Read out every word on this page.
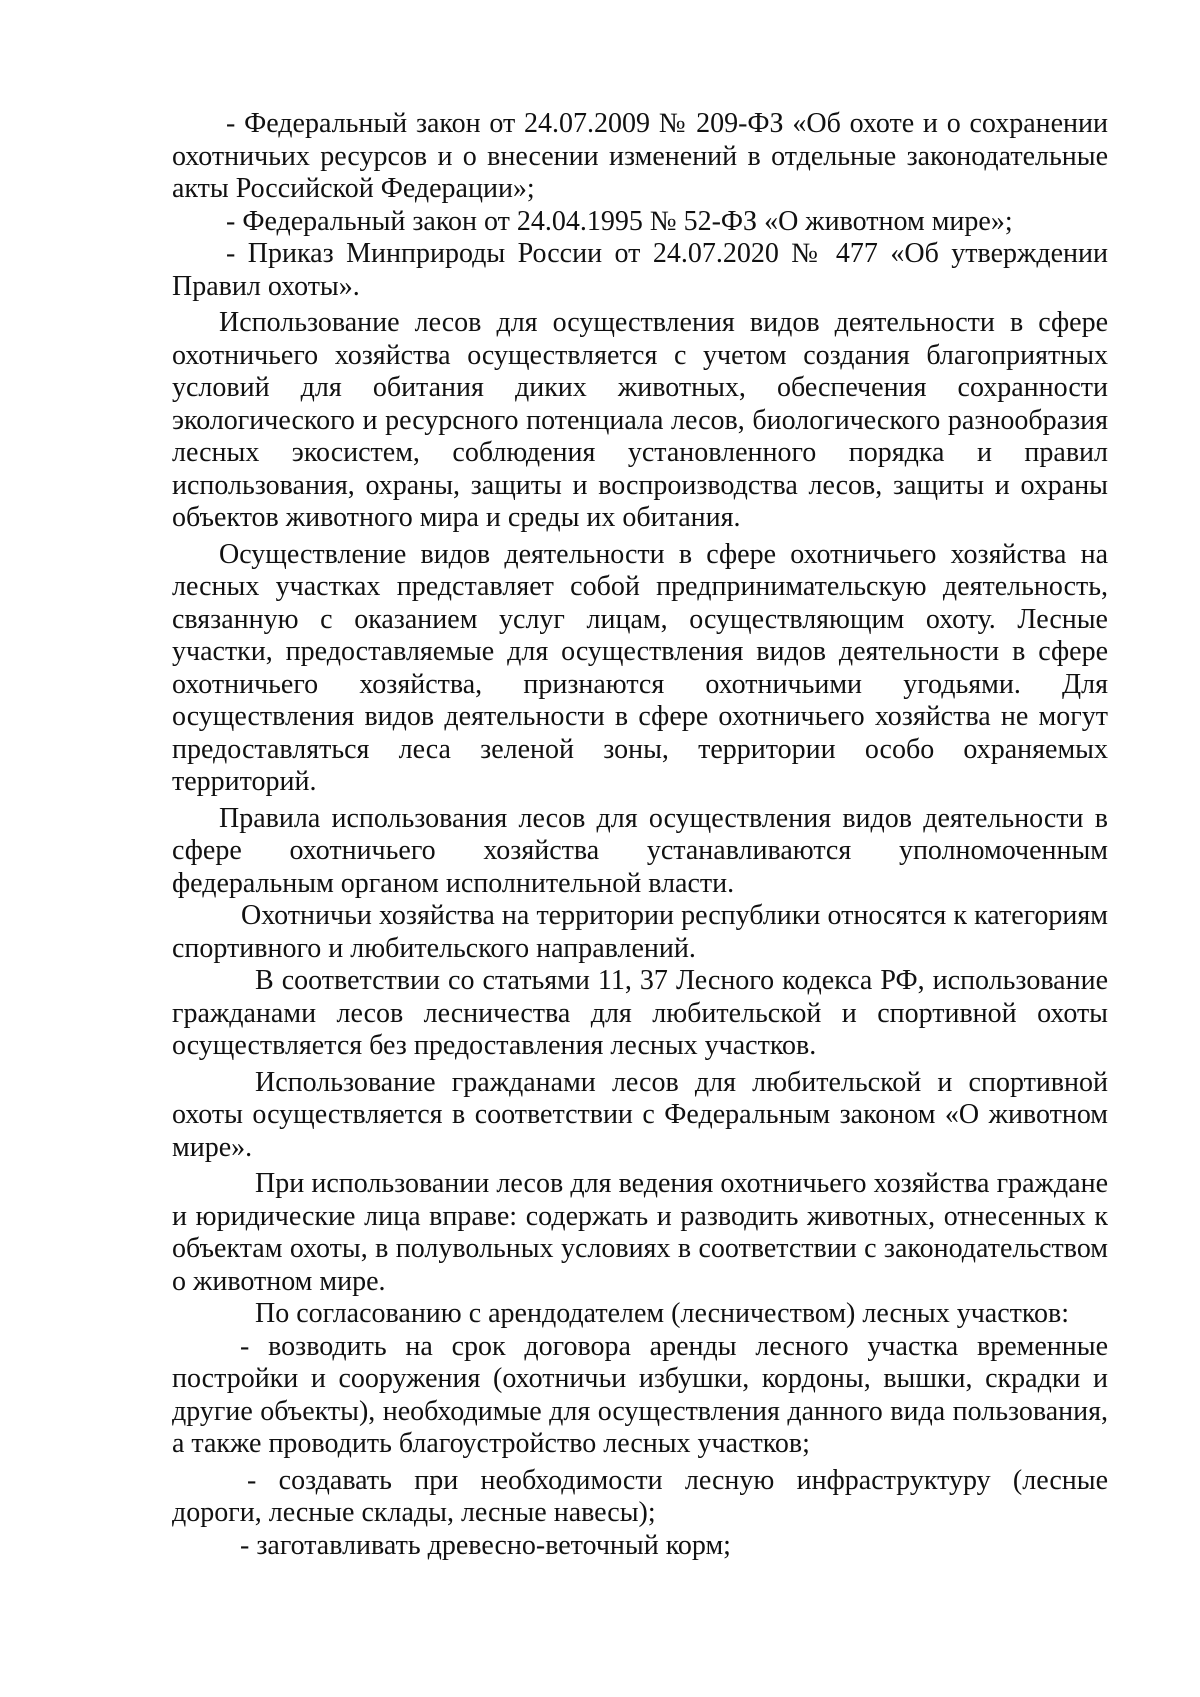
- Федеральный закон от 24.07.2009 № 209-ФЗ «Об охоте и о сохранении охотничьих ресурсов и о внесении изменений в отдельные законодательные акты Российской Федерации»;

- Федеральный закон от 24.04.1995 № 52-ФЗ «О животном мире»;

- Приказ Минприроды России от 24.07.2020 № 477 «Об утверждении Правил охоты».

Использование лесов для осуществления видов деятельности в сфере охотничьего хозяйства осуществляется с учетом создания благоприятных условий для обитания диких животных, обеспечения сохранности экологического и ресурсного потенциала лесов, биологического разнообразия лесных экосистем, соблюдения установленного порядка и правил использования, охраны, защиты и воспроизводства лесов, защиты и охраны объектов животного мира и среды их обитания.

Осуществление видов деятельности в сфере охотничьего хозяйства на лесных участках представляет собой предпринимательскую деятельность, связанную с оказанием услуг лицам, осуществляющим охоту. Лесные участки, предоставляемые для осуществления видов деятельности в сфере охотничьего хозяйства, признаются охотничьими угодьями. Для осуществления видов деятельности в сфере охотничьего хозяйства не могут предоставляться леса зеленой зоны, территории особо охраняемых территорий.

Правила использования лесов для осуществления видов деятельности в сфере охотничьего хозяйства устанавливаются уполномоченным федеральным органом исполнительной власти.

Охотничьи хозяйства на территории республики относятся к категориям спортивного и любительского направлений.

В соответствии со статьями 11, 37 Лесного кодекса РФ, использование гражданами лесов лесничества для любительской и спортивной охоты осуществляется без предоставления лесных участков.

Использование гражданами лесов для любительской и спортивной охоты осуществляется в соответствии с Федеральным законом «О животном мире».

При использовании лесов для ведения охотничьего хозяйства граждане и юридические лица вправе: содержать и разводить животных, отнесенных к объектам охоты, в полувольных условиях в соответствии с законодательством о животном мире.

По согласованию с арендодателем (лесничеством) лесных участков:

- возводить на срок договора аренды лесного участка временные постройки и сооружения (охотничьи избушки, кордоны, вышки, скрадки и другие объекты), необходимые для осуществления данного вида пользования, а также проводить благоустройство лесных участков;

- создавать при необходимости лесную инфраструктуру (лесные дороги, лесные склады, лесные навесы);

- заготавливать древесно-веточный корм;
